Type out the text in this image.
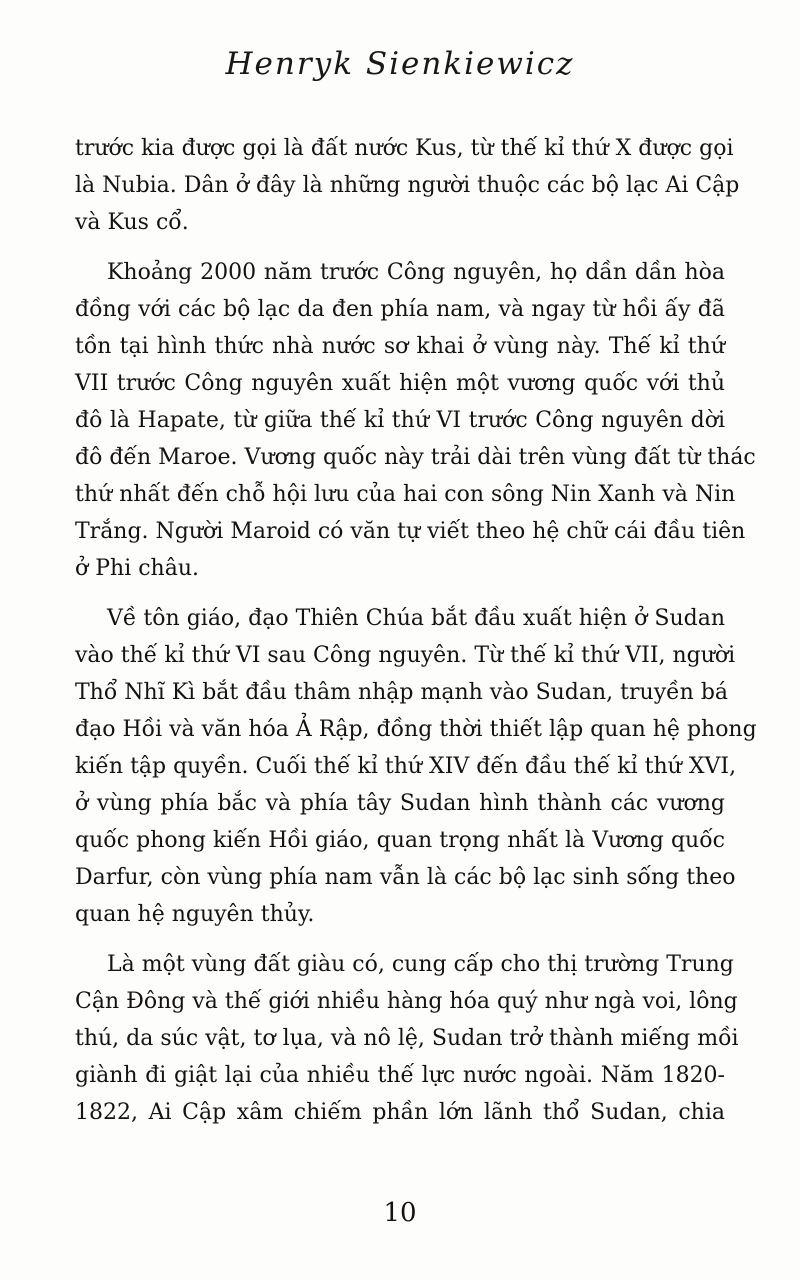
Henryk Sienkiewicz
trước kia được gọi là đất nước Kus, từ thế kỉ thứ X được gọi
là Nubia. Dân ở đây là những người thuộc các bộ lạc Ai Cập
và Kus cổ.
Khoảng 2000 năm trước Công nguyên, họ dần dần hòa
đồng với các bộ lạc da đen phía nam, và ngay từ hồi ấy đã
tồn tại hình thức nhà nước sơ khai ở vùng này. Thế kỉ thứ
VII trước Công nguyên xuất hiện một vương quốc với thủ
đô là Hapate, từ giữa thế kỉ thứ VI trước Công nguyên dời
đô đến Maroe. Vương quốc này trải dài trên vùng đất từ thác
thứ nhất đến chỗ hội lưu của hai con sông Nin Xanh và Nin
Trắng. Người Maroid có văn tự viết theo hệ chữ cái đầu tiên
ở Phi châu.
Về tôn giáo, đạo Thiên Chúa bắt đầu xuất hiện ở Sudan
vào thế kỉ thứ VI sau Công nguyên. Từ thế kỉ thứ VII, người
Thổ Nhĩ Kì bắt đầu thâm nhập mạnh vào Sudan, truyền bá
đạo Hồi và văn hóa Ả Rập, đồng thời thiết lập quan hệ phong
kiến tập quyền. Cuối thế kỉ thứ XIV đến đầu thế kỉ thứ XVI,
ở vùng phía bắc và phía tây Sudan hình thành các vương
quốc phong kiến Hồi giáo, quan trọng nhất là Vương quốc
Darfur, còn vùng phía nam vẫn là các bộ lạc sinh sống theo
quan hệ nguyên thủy.
Là một vùng đất giàu có, cung cấp cho thị trường Trung
Cận Đông và thế giới nhiều hàng hóa quý như ngà voi, lông
thú, da súc vật, tơ lụa, và nô lệ, Sudan trở thành miếng mồi
giành đi giật lại của nhiều thế lực nước ngoài. Năm 1820-
1822, Ai Cập xâm chiếm phần lớn lãnh thổ Sudan, chia
10
